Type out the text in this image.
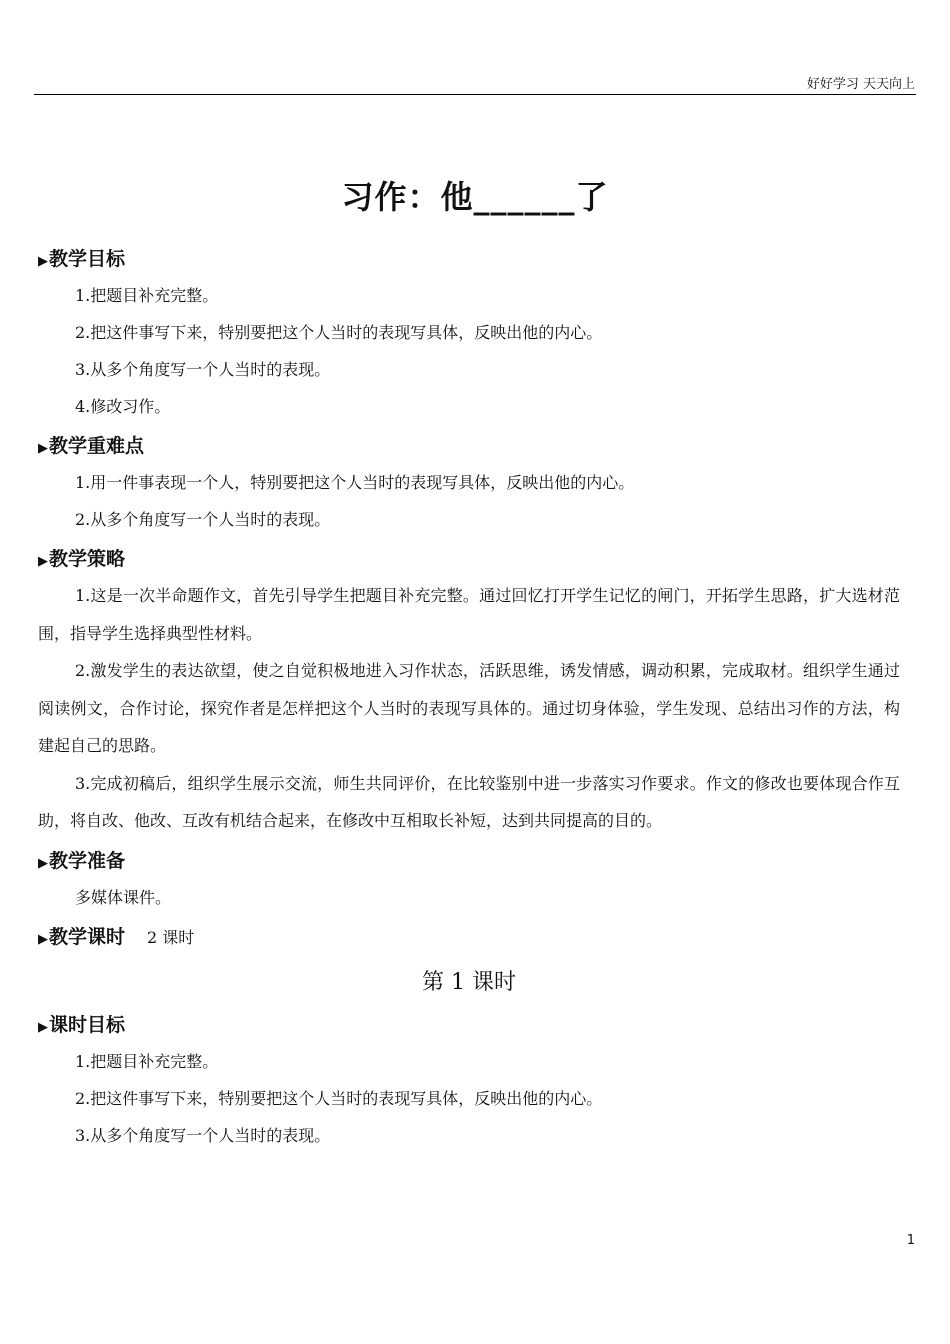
好好学习 天天向上
习作：他______了
▶教学目标
1.把题目补充完整。
2.把这件事写下来，特别要把这个人当时的表现写具体，反映出他的内心。
3.从多个角度写一个人当时的表现。
4.修改习作。
▶教学重难点
1.用一件事表现一个人，特别要把这个人当时的表现写具体，反映出他的内心。
2.从多个角度写一个人当时的表现。
▶教学策略

1.这是一次半命题作文，首先引导学生把题目补充完整。通过回忆打开学生记忆的闸门，开拓学生思路，扩大选材范围，指导学生选择典型性材料。

2.激发学生的表达欲望，使之自觉积极地进入习作状态，活跃思维，诱发情感，调动积累，完成取材。组织学生通过阅读例文，合作讨论，探究作者是怎样把这个人当时的表现写具体的。通过切身体验，学生发现、总结出习作的方法，构建起自己的思路。

3.完成初稿后，组织学生展示交流，师生共同评价，在比较鉴别中进一步落实习作要求。作文的修改也要体现合作互助，将自改、他改、互改有机结合起来，在修改中互相取长补短，达到共同提高的目的。

▶教学准备
多媒体课件。
▶教学课时 2 课时
第 1 课时
▶课时目标
1.把题目补充完整。
2.把这件事写下来，特别要把这个人当时的表现写具体，反映出他的内心。
3.从多个角度写一个人当时的表现。
1
